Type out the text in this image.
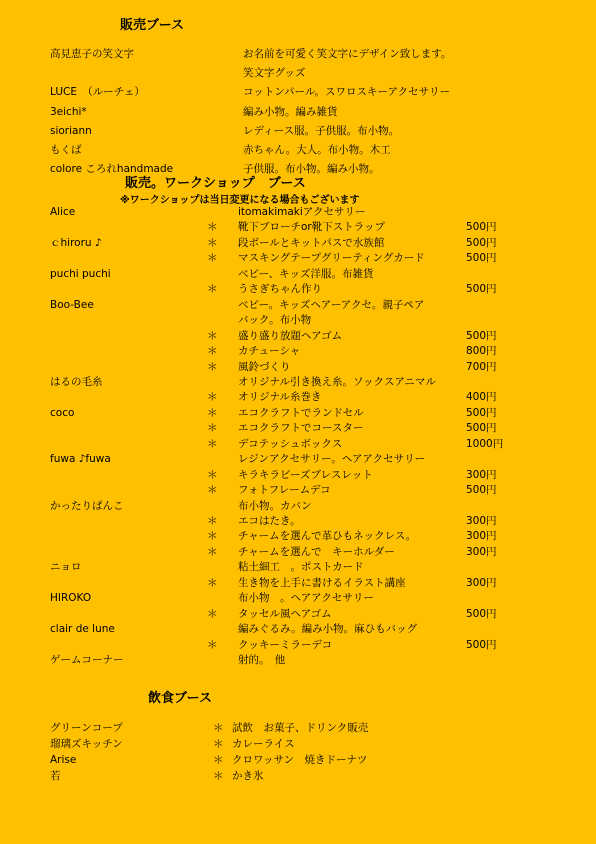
販売ブース
高見恵子の笑文字	お名前を可愛く笑文字にデザイン致します。
笑文字グッズ
LUCE　（ルーチェ）	コットンパール。スワロスキーアクセサリー
3eichi*	編み小物。編み雑貨
sioriann	レディース服。子供服。布小物。
もくば	赤ちゃん。大人。布小物。木工
colore ころれhandmade	子供服。布小物。編み小物。
販売。ワークショップ　ブース
※ワークショップは当日変更になる場合もございます
Alice	itomakimakiアクセサリー
＊ 靴下ブローチor靴下ストラップ	500円
ｃhiroru ♪	＊ 段ボールとキットパスで水族館	500円
＊ マスキングテープグリーティングカード	500円
puchi puchi	ベビー、キッズ洋服。布雑貨
＊ うさぎちゃん作り	500円
Boo-Bee	ベビー。キッズヘアーアクセ。親子ペア
バック。布小物
＊ 盛り盛り放題ヘアゴム	500円
＊ カチューシャ	800円
＊ 風鈴づくり	700円
はるの毛糸	オリジナル引き換え糸。ソックスアニマル
＊ オリジナル糸巻き	400円
coco	＊ エコクラフトでランドセル	500円
＊ エコクラフトでコースター	500円
＊ デコテッシュボックス	1000円
fuwa ♪fuwa	レジンアクセサリー。ヘアアクセサリー
＊ キラキラビーズブレスレット	300円
＊ フォトフレームデコ	500円
かったりぱんこ	布小物。カバン
＊ エコはたき。	300円
＊ チャームを選んで革ひもネックレス。	300円
＊ チャームを選んで　キーホルダー	300円
ニョロ	粘土細工　。ポストカード
＊ 生き物を上手に書けるイラスト講座	300円
HIROKO	布小物　。ヘアアクセサリー
＊ タッセル風ヘアゴム	500円
clair de lune	編みぐるみ。編み小物。麻ひもバッグ
＊ クッキーミラーデコ	500円
ゲームコーナー	射的。　他
飲食ブース
グリーンコープ	＊ 試飲　お菓子、ドリンク販売
瑠璃ズキッチン	＊ カレーライス
Arise	＊ クロワッサン　焼きドーナツ
若	＊ かき氷
